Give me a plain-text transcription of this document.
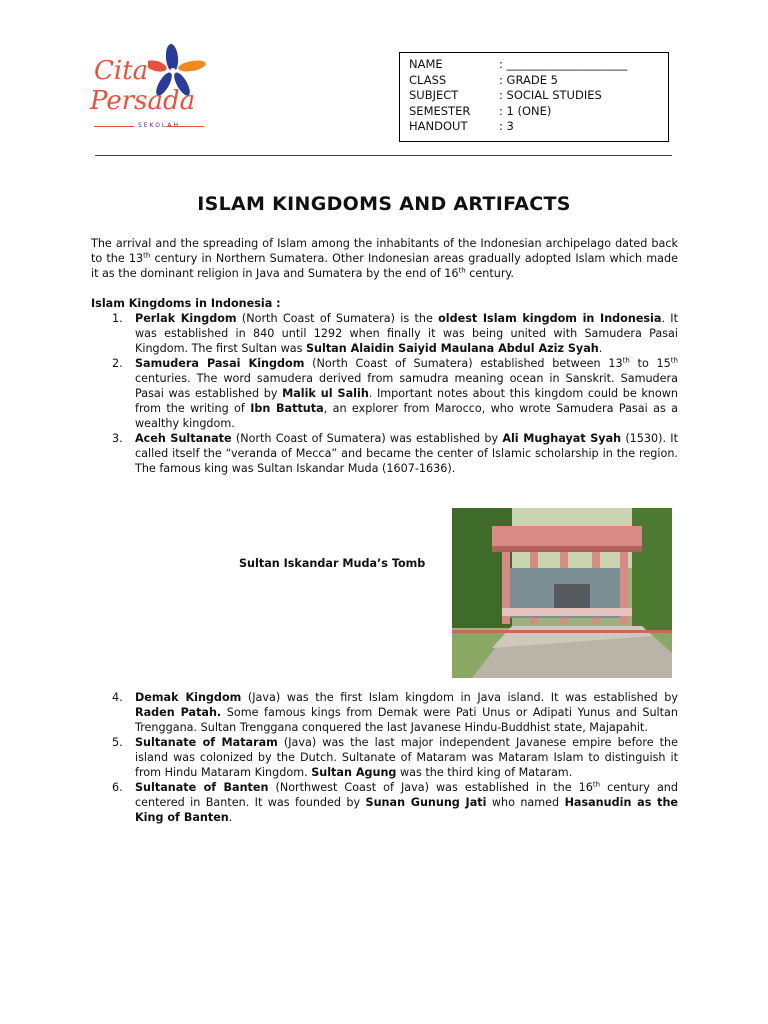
Cita
Persada
SEKOLAH
NAME	: _____________________
CLASS	: GRADE 5
SUBJECT	: SOCIAL STUDIES
SEMESTER	: 1 (ONE)
HANDOUT	: 3
ISLAM KINGDOMS AND ARTIFACTS

The arrival and the spreading of Islam among the inhabitants of the Indonesian archipelago dated back to the 13th century in Northern Sumatera. Other Indonesian areas gradually adopted Islam which made it as the dominant religion in Java and Sumatera by the end of 16th century.

Islam Kingdoms in Indonesia :

1. Perlak Kingdom (North Coast of Sumatera) is the oldest Islam kingdom in Indonesia. It was established in 840 until 1292 when finally it was being united with Samudera Pasai Kingdom. The first Sultan was Sultan Alaidin Saiyid Maulana Abdul Aziz Syah.
2. Samudera Pasai Kingdom (North Coast of Sumatera) established between 13th to 15th centuries. The word samudera derived from samudra meaning ocean in Sanskrit. Samudera Pasai was established by Malik ul Salih. Important notes about this kingdom could be known from the writing of Ibn Battuta, an explorer from Marocco, who wrote Samudera Pasai as a wealthy kingdom.
3. Aceh Sultanate (North Coast of Sumatera) was established by Ali Mughayat Syah (1530). It called itself the “veranda of Mecca” and became the center of Islamic scholarship in the region. The famous king was Sultan Iskandar Muda (1607-1636).
Sultan Iskandar Muda’s Tomb
4. Demak Kingdom (Java) was the first Islam kingdom in Java island. It was established by Raden Patah. Some famous kings from Demak were Pati Unus or Adipati Yunus and Sultan Trenggana. Sultan Trenggana conquered the last Javanese Hindu-Buddhist state, Majapahit.
5. Sultanate of Mataram (Java) was the last major independent Javanese empire before the island was colonized by the Dutch. Sultanate of Mataram was Mataram Islam to distinguish it from Hindu Mataram Kingdom. Sultan Agung was the third king of Mataram.
6. Sultanate of Banten (Northwest Coast of Java) was established in the 16th century and centered in Banten. It was founded by Sunan Gunung Jati who named Hasanudin as the King of Banten.
